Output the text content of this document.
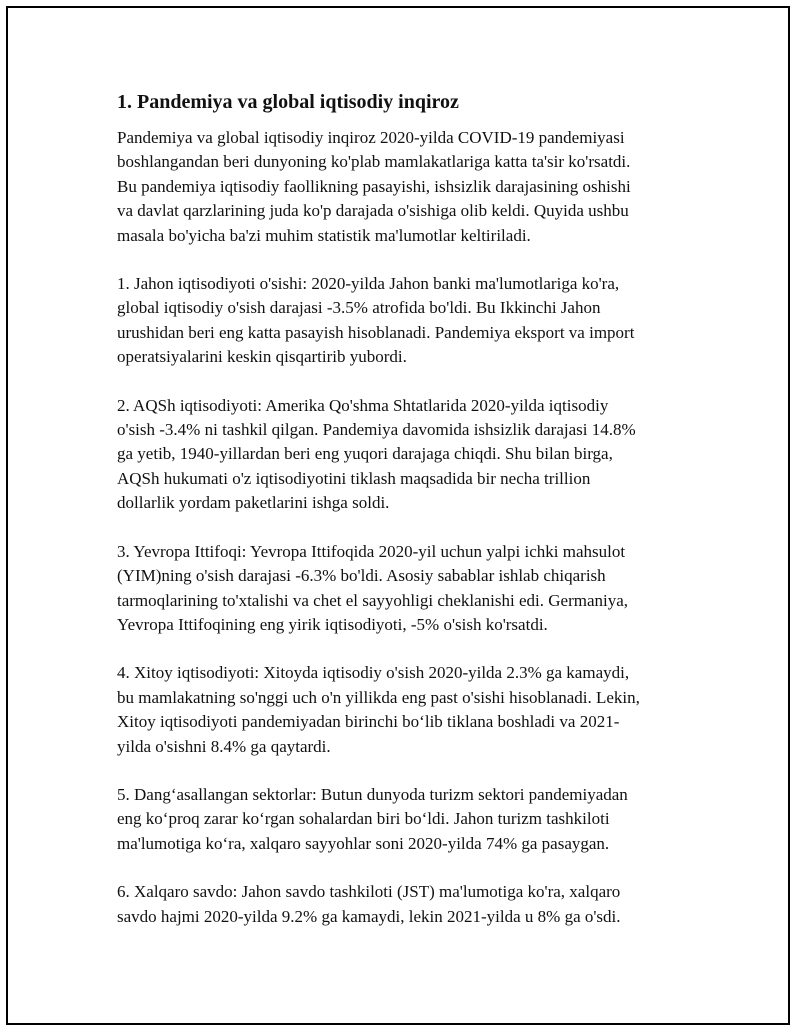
1. Pandemiya va global iqtisodiy inqiroz

Pandemiya va global iqtisodiy inqiroz 2020-yilda COVID-19 pandemiyasi
boshlangandan beri dunyoning ko'plab mamlakatlariga katta ta'sir ko'rsatdi.
Bu pandemiya iqtisodiy faollikning pasayishi, ishsizlik darajasining oshishi
va davlat qarzlarining juda ko'p darajada o'sishiga olib keldi. Quyida ushbu
masala bo'yicha ba'zi muhim statistik ma'lumotlar keltiriladi.

1. Jahon iqtisodiyoti o'sishi: 2020-yilda Jahon banki ma'lumotlariga ko'ra,
global iqtisodiy o'sish darajasi -3.5% atrofida bo'ldi. Bu Ikkinchi Jahon
urushidan beri eng katta pasayish hisoblanadi. Pandemiya eksport va import
operatsiyalarini keskin qisqartirib yubordi.

2. AQSh iqtisodiyoti: Amerika Qo'shma Shtatlarida 2020-yilda iqtisodiy
o'sish -3.4% ni tashkil qilgan. Pandemiya davomida ishsizlik darajasi 14.8%
ga yetib, 1940-yillardan beri eng yuqori darajaga chiqdi. Shu bilan birga,
AQSh hukumati o'z iqtisodiyotini tiklash maqsadida bir necha trillion
dollarlik yordam paketlarini ishga soldi.

3. Yevropa Ittifoqi: Yevropa Ittifoqida 2020-yil uchun yalpi ichki mahsulot
(YIM)ning o'sish darajasi -6.3% bo'ldi. Asosiy sabablar ishlab chiqarish
tarmoqlarining to'xtalishi va chet el sayyohligi cheklanishi edi. Germaniya,
Yevropa Ittifoqining eng yirik iqtisodiyoti, -5% o'sish ko'rsatdi.

4. Xitoy iqtisodiyoti: Xitoyda iqtisodiy o'sish 2020-yilda 2.3% ga kamaydi,
bu mamlakatning so'nggi uch o'n yillikda eng past o'sishi hisoblanadi. Lekin,
Xitoy iqtisodiyoti pandemiyadan birinchi bo‘lib tiklana boshladi va 2021-
yilda o'sishni 8.4% ga qaytardi.

5. Dang‘asallangan sektorlar: Butun dunyoda turizm sektori pandemiyadan
eng ko‘proq zarar ko‘rgan sohalardan biri bo‘ldi. Jahon turizm tashkiloti
ma'lumotiga ko‘ra, xalqaro sayyohlar soni 2020-yilda 74% ga pasaygan.

6. Xalqaro savdo: Jahon savdo tashkiloti (JST) ma'lumotiga ko'ra, xalqaro
savdo hajmi 2020-yilda 9.2% ga kamaydi, lekin 2021-yilda u 8% ga o'sdi.
